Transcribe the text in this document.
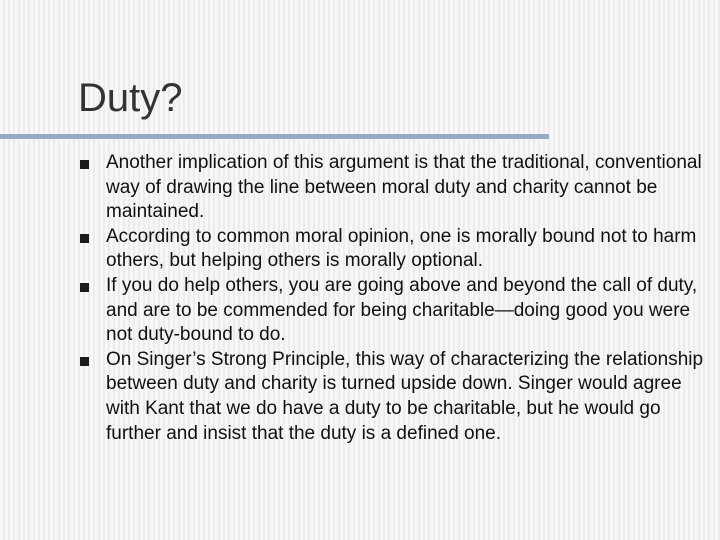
Duty?
Another implication of this argument is that the traditional, conventional way of drawing the line between moral duty and charity cannot be maintained.
According to common moral opinion, one is morally bound not to harm others, but helping others is morally optional.
If you do help others, you are going above and beyond the call of duty, and are to be commended for being charitable—doing good you were not duty-bound to do.
On Singer’s Strong Principle, this way of characterizing the relationship between duty and charity is turned upside down. Singer would agree with Kant that we do have a duty to be charitable, but he would go further and insist that the duty is a defined one.
